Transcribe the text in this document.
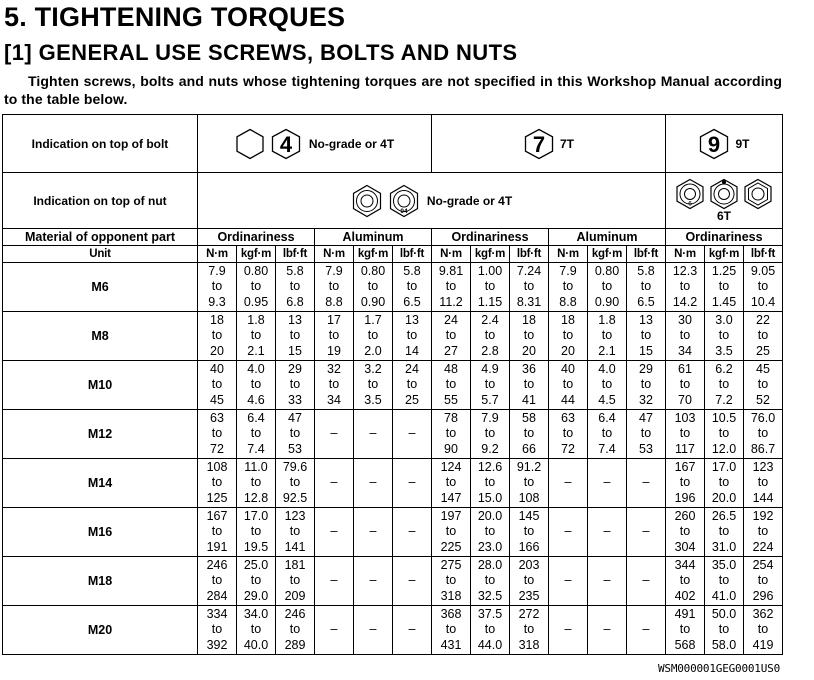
5. TIGHTENING TORQUES
[1] GENERAL USE SCREWS, BOLTS AND NUTS
Tighten screws, bolts and nuts whose tightening torques are not specified in this Workshop Manual according to the table below.
Indication on top of bolt	4 No-grade or 4T						7 7T						9 9T		

Indication on top of nut	04
No-grade or 4T												6
6T		

Material of opponent part	Ordinariness			Aluminum			Ordinariness			Aluminum			Ordinariness		
Unit	N·m	kgf·m	lbf·ft	N·m	kgf·m	lbf·ft	N·m	kgf·m	lbf·ft	N·m	kgf·m	lbf·ft	N·m	kgf·m	lbf·ft
M6	7.9
to
9.3	0.80
to
0.95	5.8
to
6.8	7.9
to
8.8	0.80
to
0.90	5.8
to
6.5	9.81
to
11.2	1.00
to
1.15	7.24
to
8.31	7.9
to
8.8	0.80
to
0.90	5.8
to
6.5	12.3
to
14.2	1.25
to
1.45	9.05
to
10.4

M8	18
to
20	1.8
to
2.1	13
to
15	17
to
19	1.7
to
2.0	13
to
14	24
to
27	2.4
to
2.8	18
to
20	18
to
20	1.8
to
2.1	13
to
15	30
to
34	3.0
to
3.5	22
to
25

M10	40
to
45	4.0
to
4.6	29
to
33	32
to
34	3.2
to
3.5	24
to
25	48
to
55	4.9
to
5.7	36
to
41	40
to
44	4.0
to
4.5	29
to
32	61
to
70	6.2
to
7.2	45
to
52

M12	63
to
72	6.4
to
7.4	47
to
53	–	–	–	78
to
90	7.9
to
9.2	58
to
66	63
to
72	6.4
to
7.4	47
to
53	103
to
117	10.5
to
12.0	76.0
to
86.7

M14	108
to
125	11.0
to
12.8	79.6
to
92.5	–	–	–	124
to
147	12.6
to
15.0	91.2
to
108	–	–	–	167
to
196	17.0
to
20.0	123
to
144

M16	167
to
191	17.0
to
19.5	123
to
141	–	–	–	197
to
225	20.0
to
23.0	145
to
166	–	–	–	260
to
304	26.5
to
31.0	192
to
224

M18	246
to
284	25.0
to
29.0	181
to
209	–	–	–	275
to
318	28.0
to
32.5	203
to
235	–	–	–	344
to
402	35.0
to
41.0	254
to
296

M20	334
to
392	34.0
to
40.0	246
to
289	–	–	–	368
to
431	37.5
to
44.0	272
to
318	–	–	–	491
to
568	50.0
to
58.0	362
to
419
WSM000001GEG0001US0
